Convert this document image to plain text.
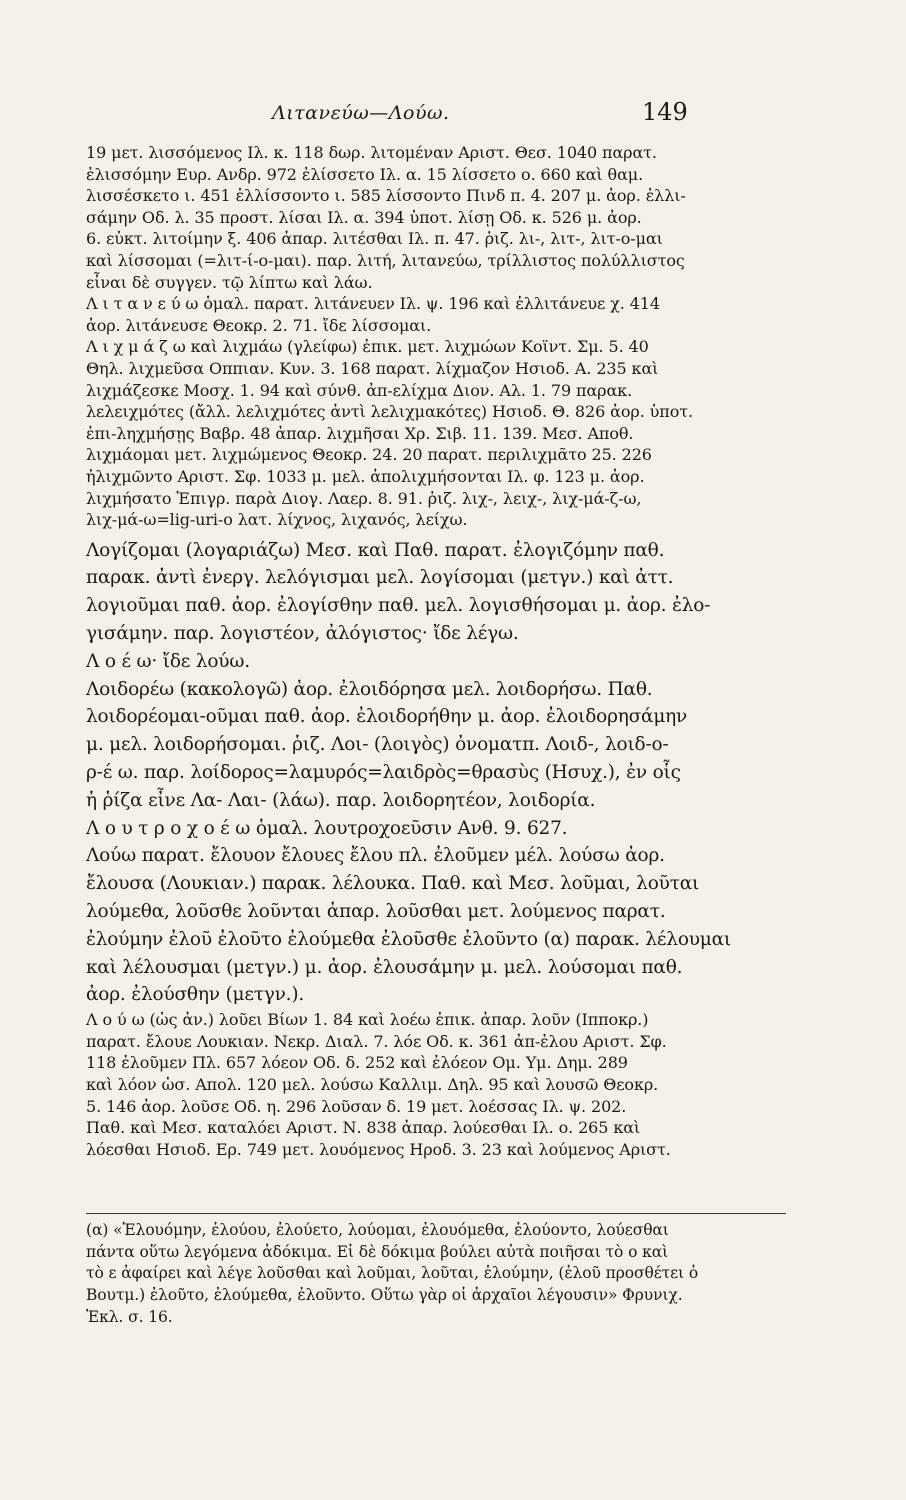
Λιτανεύω—Λούω.	149
19 μετ. λισσόμενος Ιλ. κ. 118 δωρ. λιτομέναν Αριστ. Θεσ. 1040 παρατ.
ἐλισσόμην Ευρ. Ανδρ. 972 ἐλίσσετο Ιλ. α. 15 λίσσετο ο. 660 καὶ θαμ.
λισσέσκετο ι. 451 ἐλλίσσοντο ι. 585 λίσσοντο Πινδ π. 4. 207 μ. ἀορ. ἐλλι-
σάμην Οδ. λ. 35 προστ. λίσαι Ιλ. α. 394 ὑποτ. λίσῃ Οδ. κ. 526 μ. ἀορ.
6. εὐκτ. λιτοίμην ξ. 406 ἀπαρ. λιτέσθαι Ιλ. π. 47. ῥιζ. λι-, λιτ-, λιτ-ο-μαι
καὶ λίσσομαι (=λιτ-ί-ο-μαι). παρ. λιτή, λιτανεύω, τρίλλιστος πολύλλιστος
εἶναι δὲ συγγεν. τῷ λίπτω καὶ λάω.
Λ ι τ α ν ε ύ ω ὁμαλ. παρατ. λιτάνευεν Ιλ. ψ. 196 καὶ ἐλλιτάνευε χ. 414
ἀορ. λιτάνευσε Θεοκρ. 2. 71. ἴδε λίσσομαι.
Λ ι χ μ ά ζ ω καὶ λιχμάω (γλείφω) ἐπικ. μετ. λιχμώων Κοϊντ. Σμ. 5. 40
Θηλ. λιχμεῦσα Οππιαν. Κυν. 3. 168 παρατ. λίχμαζον Ησιοδ. Α. 235 καὶ
λιχμάζεσκε Μοσχ. 1. 94 καὶ σύνθ. ἀπ-ελίχμα Διον. Αλ. 1. 79 παρακ.
λελειχμότες (ἄλλ. λελιχμότες ἀντὶ λελιχμακότες) Ησιοδ. Θ. 826 ἀορ. ὑποτ.
ἐπι-ληχμήσῃς Βαβρ. 48 ἀπαρ. λιχμῆσαι Χρ. Σιβ. 11. 139. Μεσ. Αποθ.
λιχμάομαι μετ. λιχμώμενος Θεοκρ. 24. 20 παρατ. περιλιχμᾶτο 25. 226
ἠλιχμῶντο Αριστ. Σφ. 1033 μ. μελ. ἀπολιχμήσονται Ιλ. φ. 123 μ. ἀορ.
λιχμήσατο Ἐπιγρ. παρὰ Διογ. Λαερ. 8. 91. ῥιζ. λιχ-, λειχ-, λιχ-μά-ζ-ω,
λιχ-μά-ω=lig-uri-o λατ. λίχνος, λιχανός, λείχω.
Λογίζομαι (λογαριάζω) Μεσ. καὶ Παθ. παρατ. ἐλογιζόμην παθ.
παρακ. ἀντὶ ἐνεργ. λελόγισμαι μελ. λογίσομαι (μετγν.) καὶ ἀττ.
λογιοῦμαι παθ. ἀορ. ἐλογίσθην παθ. μελ. λογισθήσομαι μ. ἀορ. ἐλο-
γισάμην. παρ. λογιστέον, ἀλόγιστος· ἴδε λέγω.
Λ ο έ ω· ἴδε λούω.
Λοιδορέω (κακολογῶ) ἀορ. ἐλοιδόρησα μελ. λοιδορήσω. Παθ.
λοιδορέομαι-οῦμαι παθ. ἀορ. ἐλοιδορήθην μ. ἀορ. ἐλοιδορησάμην
μ. μελ. λοιδορήσομαι. ῥιζ. Λοι- (λοιγὸς) ὀνοματπ. Λοιδ-, λοιδ-ο-
ρ-έ ω. παρ. λοίδορος=λαμυρός=λαιδρὸς=θρασὺς (Ησυχ.), ἐν οἷς
ἡ ῥίζα εἶνε Λα- Λαι- (λάω). παρ. λοιδορητέον, λοιδορία.
Λ ο υ τ ρ ο χ ο έ ω ὁμαλ. λουτροχοεῦσιν Ανθ. 9. 627.
Λούω παρατ. ἔλουον ἔλουες ἔλου πλ. ἐλοῦμεν μέλ. λούσω ἀορ.
ἔλουσα (Λουκιαν.) παρακ. λέλουκα. Παθ. καὶ Μεσ. λοῦμαι, λοῦται
λούμεθα, λοῦσθε λοῦνται ἀπαρ. λοῦσθαι μετ. λούμενος παρατ.
ἐλούμην ἐλοῦ ἐλοῦτο ἐλούμεθα ἐλοῦσθε ἐλοῦντο (α) παρακ. λέλουμαι
καὶ λέλουσμαι (μετγν.) μ. ἀορ. ἐλουσάμην μ. μελ. λούσομαι παθ.
ἀορ. ἐλούσθην (μετγν.).
Λ ο ύ ω (ὡς ἀν.) λοῦει Βίων 1. 84 καὶ λοέω ἐπικ. ἀπαρ. λοῦν (Ιπποκρ.)
παρατ. ἔλουε Λουκιαν. Νεκρ. Διαλ. 7. λόε Οδ. κ. 361 ἀπ-ἐλου Αριστ. Σφ.
118 ἐλοῦμεν Πλ. 657 λόεον Οδ. δ. 252 καὶ ἐλόεον Ομ. Υμ. Δημ. 289
καὶ λόον ὡσ. Απολ. 120 μελ. λούσω Καλλιμ. Δηλ. 95 καὶ λουσῶ Θεοκρ.
5. 146 ἀορ. λοῦσε Οδ. η. 296 λοῦσαν δ. 19 μετ. λοέσσας Ιλ. ψ. 202.
Παθ. καὶ Μεσ. καταλόει Αριστ. Ν. 838 ἀπαρ. λούεσθαι Ιλ. ο. 265 καὶ
λόεσθαι Ησιοδ. Ερ. 749 μετ. λουόμενος Ηροδ. 3. 23 καὶ λούμενος Αριστ.
(α) «Ἐλουόμην, ἐλούου, ἐλούετο, λούομαι, ἐλουόμεθα, ἐλούοντο, λούεσθαι
πάντα οὕτω λεγόμενα ἀδόκιμα. Εἰ δὲ δόκιμα βούλει αὐτὰ ποιῆσαι τὸ ο καὶ
τὸ ε ἀφαίρει καὶ λέγε λοῦσθαι καὶ λοῦμαι, λοῦται, ἐλούμην, (ἐλοῦ προσθέτει ὁ
Βουτμ.) ἐλοῦτο, ἐλούμεθα, ἐλοῦντο. Οὕτω γὰρ οἱ ἀρχαῖοι λέγουσιν» Φρυνιχ.
Ἐκλ. σ. 16.
